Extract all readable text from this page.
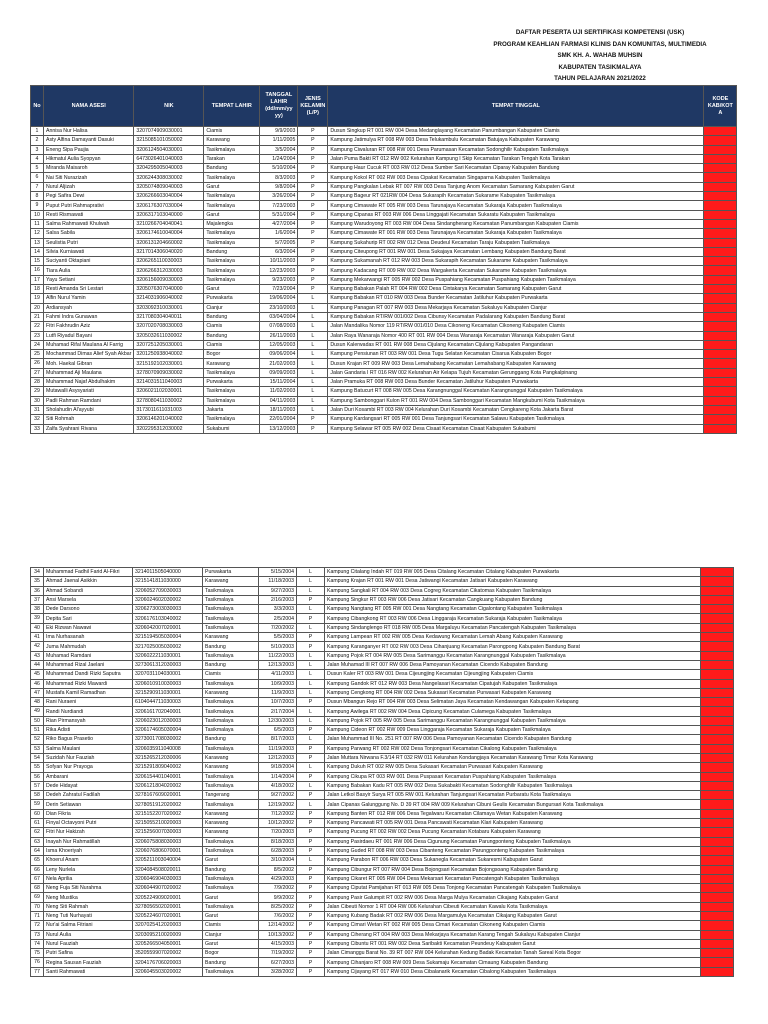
DAFTAR PESERTA UJI SERTIFIKASI KOMPETENSI (USK)
PROGRAM KEAHLIAN FARMASI KLINIS DAN KOMUNITAS, MULTIMEDIA
SMK KH. A. WAHAB MUHSIN
KABUPATEN TASIKMALAYA
TAHUN PELAJARAN 2021/2022
No	NAMA ASESI	NIK	TEMPAT LAHIR	TANGGAL LAHIR (dd/mm/yy yy)	JENIS KELAMIN (L/P)	TEMPAT TINGGAL	KODE KAB/KOT A
1	Annisa Nur Halisa	3207074909030001	Ciamis	9/9/2003	P	Dusun Singkup RT 001 RW 004 Desa Medanglayang Kecamatan Panumbangan Kabupaten Ciamis	
2	Asty Alfina Damayanti Dasuki	3215085101050002	Karawang	1/11/2005	P	Kampung Jatimulya RT 008 RW 003 Desa Telukambulu Kecamatan Batujaya Kabupaten Karawang	
3	Eneng Sipa Paujia	3206124504030001	Tasikmalaya	3/5/2004	P	Kampung Ciwaluran RT 008 RW 001 Desa Parumasan Kecamatan Sodonghilir Kabupaten Tasikmalaya	
4	Hikmatul Aulia Syopyan	6473026401040003	Tarakan	1/24/2004	P	Jalan Puma Bakti RT 012 RW 002 Kelurahan Kampung I Skip Kecamatan Tarakan Tengah Kota Tarakan	
5	Miranda Maisaroh	3204295005040003	Bandung	5/10/2004	P	Kampung Haur Cucuk RT 003 RW 012 Desa Sumber Sari Kecamatan Ciparay Kabupaten Bandung	
6	Nai Siti Nurazizah	3206244308030002	Tasikmalaya	8/3/2003	P	Kampung Kokol RT 002 RW 003 Desa Cipakat Kecamatan Singaparna Kabupaten Tasikmalaya	
7	Nurul Aljizah	3205074809040003	Garut	9/8/2004	P	Kampung Pangkalan Lebak RT 007 RW 003 Desa Tanjung Anom Kecamatan Samarang Kabupaten Garut	
8	Pegi Safira Dewi	3206266603040004	Tasikmalaya	3/26/2004	P	Kampung Bageur RT 021RW 004 Desa Sukarapih Kecamatan Sukarame Kabupaten Tasikmalaya	
9	Puput Putri Rahmaprativi	3206176307030004	Tasikmalaya	7/23/2003	P	Kampung Cimawate RT 005 RW 003 Desa Tarunajaya Kecamatan Sukaraja Kabupaten Tasikmalaya	
10	Resti Rismawati	3206317103040000	Garut	5/31/2004	P	Kampung Cipanas RT 003 RW 006 Desa Linggajati Kecamatan Sukaratu Kabupaten Tasikmalaya	
11	Salma Rahmawati Khulwah	3210266704040041	Majalengka	4/27/2004	P	Kampung Warudoyong RT 003 RW 004 Desa Sindangherang Kecamatan Panumbangan Kabupaten Ciamis	
12	Salsa Sabila	3206174610040004	Tasikmalaya	1/6/2004	P	Kampung Cimawate RT 001 RW 003 Desa Tarunajaya Kecamatan Sukaraja Kabupaten Tasikmalaya	
13	Seulistia Putri	3206131204660002	Tasikmalaya	5/7/2005	P	Kampung Sukahurip RT 002 RW 012 Desa Deudeul Kecamatan Taraju Kabupaten Tasikmalaya	
14	Silvia Kurniawati	3217014306040020	Bandung	6/3/2004	P	Kampung Citeupong RT 001 RW 001 Desa Sukajaya Kecamatan Lembang Kabupaten Bandung Barat	
15	Suciyanti Oktapiani	3206265110030003	Tasikmalaya	10/11/2003	P	Kampung Sukamanah RT 012 RW 003 Desa Sukarapih Kecamatan Sukarame Kabupaten Tasikmalaya	
16	Tiara Aulia	3206266312030003	Tasikmalaya	12/23/2003	P	Kampung Kadacang RT 009 RW 002 Desa Wargakerta Kecamatan Sukarame Kabupaten Tasikmalaya	
17	Yayu Setiani	3206156009030003	Tasikmalaya	9/23/2003	P	Kampung Mekarwangi RT 005 RW 002 Desa Puspahiang Kecamatan Puspahiang Kabupaten Tasikmalaya	
18	Resti Amanda Sri Lestari	3205076307040000	Garut	7/23/2004	P	Kampung Babakan Palah RT 004 RW 002 Desa Cintakarya Kecamatan Samarang Kabupaten Garut	
19	Alfin Nurul Yamin	3214031906040002	Purwakarta	19/06/2004	L	Kampung Babakan RT 010 RW 003 Desa Bunder Kecamatan Jatiluhur Kabupaten Purwakarta	
20	Ardiansyah	3203092310030001	Cianjur	23/10/2003	L	Kampung Panagan RT 007 RW 003 Desa Mekarjaya Kecamatan Sukaluyu Kabupaten Cianjur	
21	Fahmi Indra Gunawan	3217080304040011	Bandung	03/04/2004	L	Kampung Babakan RT/RW 001/002 Desa Cibunsy Kecamatan Padalarang Kabupaten Bandung Barat	
22	Fitri Fakhrudin Aziz	3207020708030003	Ciamis	07/08/2003	L	Jalan Mandalika Nomor 119 RT/RW 001/010 Desa Cikoneng Kecamatan Cikoneng Kabupaten Ciamis	
23	Lutfi Riyadul Bayani	3205032611030002	Bandung	26/11/2003	L	Jalan Raya Wanaraja Nomor 400 RT 001 RW 004 Desa Wanaraja Kecamatan Wanaraja Kabupaten Garut	
24	Muhamad Rifal Maulana Al Farrig	3207251205030001	Ciamis	12/05/2003	L	Dusun Kalerwadas RT 001 RW 008 Desa Cijulang Kecamatan Cijulang Kabupaten Pangandaran	
25	Mochammad Dimas Alief Syah Akbar	3201250938040002	Bogor	09/06/2004	L	Kampung Pensiunan RT 003 RW 001 Desa Tugu Selatan Kecamatan Cisarua Kabupaten Bogor	
26	Moh. Haekal Gibran	3215192102030001	Karawang	21/02/2003	L	Dusun Krajan RT 009 RW 003 Desa Lemahabang Kecamatan Lemahabang Kabupaten Karawang	
27	Muhammad Aji Maulana	3278070909030002	Tasikmalaya	09/09/2003	L	Jalan Gandaria I RT 016 RW 002 Kelurahan Air Kelapa Tujuh Kecamatan Gerunggang Kota Pangkalpinang	
28	Muhammad Najaf Abdulhakim	3214031511040003	Purwakarta	15/11/2004	L	Jalan Pramuka RT 008 RW 003 Desa Bunder Kecamatan Jatiluhur Kabupaten Purwakarta	
29	Mutawalli Asysyariati	3206021102030001	Tasikmalaya	11/02/2003	L	Kampung Batucurt RT 008 RW 005 Desa Karangnunggal Kecamatan Karangnunggal Kabupaten Tasikmalaya	
30	Padli Rahman Ramdani	3278080411030002	Tasikmalaya	04/11/2003	L	Kampung Sambonggari Kulon RT 001 RW 004 Desa Sambonggari Kecamatan Mangkubumi Kota Tasikmalaya	
31	Sholahudin Al'ayyubi	3173011611031003	Jakarta	18/11/2003	L	Jalan Duri Kosambi RT 003 RW 004 Kelurahan Duri Kosambi Kecamatan Cengkareng Kota Jakarta Barat	
32	Siti Rohmah	3206146201040002	Tasikmalaya	22/01/2004	P	Kampung Kardangsari RT 005 RW 001 Desa Tanjungsari Kecamatan Salawu Kabupaten Tasikmalaya	
33	Zalfa Syahrani Rivana	3202295312030002	Sukabumi	13/12/2003	P	Kampung Selawar RT 005 RW 002 Desa Cisaat Kecamatan Cisaat Kabupaten Sukabumi	
34	Muhammad Fadhil Farid Al-Fikri	3214011505040000	Purwakarta	5/15/2004	L	Kampung Citalang Indah RT 019 RW 005 Desa Citalang Kecamatan Citalang Kabupaten Purwakarta	
35	Ahmad Jaenal Asikkin	3215141811030000	Karawang	11/18/2003	L	Kampung Krajan RT 001 RW 001 Desa Jatiwangi Kecamatan Jatisari Kabupaten Karawang	
36	Ahmad Sobandi	3206052709030003	Tasikmalaya	9/27/2003	L	Kampung Sangkali RT 004 RW 003 Desa Cogreg Kecamatan Cikatomas Kabupaten Tasikmalaya	
37	Ansi Marsela	3206024602030002	Tasikmalaya	2/16/2003	P	Kampung Singkur RT 003 RW 006 Desa Jatisari Kecamatan Cangkuang Kabupaten Bandung	
38	Dede Darsono	3206273003030003	Tasikmalaya	3/3/2003	L	Kampung Nangtang RT 005 RW 001 Desa Nangtang Kecamatan Cigalontang Kabupaten Tasikmalaya	
39	Depita Sari	3206176103040002	Tasikmalaya	2/5/2004	P	Kampung Cibangkong RT 003 RW 006 Desa Linggaraja Kecamatan Sukaraja Kabupaten Tasikmalaya	
40	Eki Rizwan Nawawi	3206042007020001	Tasikmalaya	7/20/2002	L	Kampung Sindanglengo RT 018 RW 005 Desa Margaluyu Kecamatan Pancatengah Kabupaten Tasikmalaya	
41	Ima Nurhasanah	3215194505030004	Karawang	5/5/2003	P	Kampung Lampean RT 002 RW 005 Desa Kedawung Kecamatan Lemah Abang Kabupaten Karawang	
42	Juma Mahmudah	3217025005030002	Bandung	5/10/2003	P	Kampung Karanganyer RT 002 RW 003 Desa Cihanjuang Kecamatan Parongpong Kabupaten Bandung Barat	
43	Muhamad Ramdani	3206022211030001	Tasikmalaya	11/22/2003	L	Kampung Pojok RT 004 RW 005 Desa Sarimanggu Kecamatan Karangnunggal Kabupaten Tasikmalaya	
44	Muhammad Rizal Jaelani	3273061312030003	Bandung	12/13/2003	L	Jalan Muhamad III RT 007 RW 006 Desa Pamoyanan Kecamatan Cicendo Kabupaten Bandung	
45	Muhammad Dandi Rizki Saputra	3207031104030001	Ciamis	4/11/2003	L	Dusun Kaler RT 003 RW 001 Desa Cijeungjing Kecamatan Cijeungjing Kabupaten Ciamis	
46	Muhammad Rizki Mawardi	3206010910030003	Tasikmalaya	10/9/2003	L	Kampung Gandok RT 012 RW 003 Desa Nangelasari Kecamatan Cipatujah Kabupaten Tasikmalaya	
47	Mustafa Kamil Ramadhan	3215290911030001	Karawang	11/9/2003	L	Kampung Cengkong RT 004 RW 002 Desa Sukasari Kecamatan Purwasari Kabupaten Karawang	
48	Rani Nuraeni	6104044711030003	Tasikmalaya	10/7/2003	P	Dusun Mbangun Rejo RT 004 RW 003 Desa Selimatan Jaya Kecamatan Kendawangan Kabupaten Ketapang	
49	Randi Nurdiandi	3206161702040001	Tasikmalaya	2/17/2004	L	Kampung Awilega RT 002 RW 004 Desa Cipicung Kecamatan Culamega Kabupaten Tasikmalaya	
50	Rian Pirmansyah	3206023012030003	Tasikmalaya	12/30/2003	L	Kampung Pojok RT 005 RW 005 Desa Sarimanggu Kecamatan Karangnunggal Kabupaten Tasikmalaya	
51	Rika Adisti	3206174605030004	Tasikmalaya	6/5/2003	P	Kampung Cideon RT 002 RW 009 Desa Linggaraja Kecamatan Sukaraja Kabupaten Tasikmalaya	
52	Riko Bagus Prasetio	3273001708030002	Bandung	8/17/2003	L	Jalan Muhammad III No. 251 RT 007 RW 006 Desa Pamoyanan Kecamatan Cicendo Kabupaten Bandung	
53	Salma Maulani	3206035911040008	Tasikmalaya	11/19/2003	P	Kampung Parwang RT 002 RW 002 Desa Tonjongsari Kecamatan Cikalong Kabupaten Tasikmalaya	
54	Suzidah Nur Fauziah	3215265212030006	Karawang	12/12/2003	P	Jalan Muttara Nirwana F.3/14 RT 032 RW 011 Kelurahan Kondangjaya Kecamatan Karawang Timur Kota Karawang	
55	Sofyan Nur Prayoga	3215291809040002	Karawang	9/18/2004	L	Kampung Dukuh RT 002 RW 005 Desa Sukasari Kecamatan Purwasari Kabupaten Karawang	
56	Ambarani	3206154401040001	Tasikmalaya	1/14/2004	P	Kampung Cikupa RT 003 RW 001 Desa Puspasari Kecamatan Puspahiang Kabupaten Tasikmalaya	
57	Dede Hidayat	3206121804020002	Tasikmalaya	4/18/2002	L	Kampung Babakan Kadu RT 005 RW 002 Desa Sukabakti Kecamatan Sodonghilir Kabupaten Tasikmalaya	
58	Dedeh Zahratul Fadilah	3278167609020001	Tangerang	9/27/2002	P	Jalan Letkol Basyir Surya RT 005 RW 001 Kelurahan Tanjungsari Kecamatan Purbaratu Kota Tasikmalaya	
59	Derin Setiawan	3278051912020002	Tasikmalaya	12/19/2002	L	Jalan Cipanas Galunggung No. D 39 RT 004 RW 009 Kelurahan Cibuni Geulis Kecamatan Bungursari Kota Tasikmalaya	
60	Dian Fikria	3215152207020002	Karawang	7/12/2002	P	Kampung Banten RT 012 RW 006 Desa Tegalwaru Kecamatan Cilamaya Wetan Kabupaten Karawang	
61	Finyal Octavyoni Putri	3215055210020003	Karawang	10/12/2002	P	Kampung Pancawati RT 005 RW 001 Desa Pancawati Kecamatan Klari Kabupaten Karawang	
62	Fitri Nur Hakizah	3215256007030003	Karawang	7/20/2003	P	Kampung Pucung RT 002 RW 002 Desa Pucung Kecamatan Kotabaru Kabupaten Karawang	
63	Inayah Nur Rahmatillah	3206075808030003	Tasikmalaya	8/18/2003	P	Kampung Pasirdaeu RT 001 RW 006 Desa Cigunung Kecamatan Parungponteng Kabupaten Tasikmalaya	
64	Isma Khoeriyah	3206076806070001	Tasikmalaya	6/28/2003	P	Kampung Guded RT 008 RW 003 Desa Cibanteng Kecamatan Parungponteng Kabupaten Tasikmalaya	
65	Khoerul Anam	3205211003040004	Garut	3/10/2004	L	Kampung Parabon RT 006 RW 003 Desa Sukanegla Kecamatan Sukaresmi Kabupaten Garut	
66	Leny Nurlela	3204084508020011	Bandung	8/5/2002	P	Kampung Cibungur RT 007 RW 004 Desa Bojongsari Kecamatan Bojongsoang Kabupaten Bandung	
67	Nela Aprilia	3206046904030003	Tasikmalaya	4/29/2003	P	Kampung Cikaret RT 005 RW 004 Desa Mekarsari Kecamatan Pancatengah Kabupaten Tasikmalaya	
68	Neng Fuja Siti Nurahma	3206044907020002	Tasikmalaya	7/9/2002	P	Kampung Ciputat Pamijahan RT 013 RW 005 Desa Tonjong Kecamatan Pancatengah Kabupaten Tasikmalaya	
69	Neng Mustika	3205224909020001	Garut	9/9/2002	P	Kampung Pasir Galumpit RT 002 RW 006 Desa Marga Mulya Kecamatan Cikajang Kabupaten Garut	
70	Neng Siti Rahmah	3278056502020001	Tasikmalaya	8/25/2002	P	Jalan Cibeuti Nomor 1 RT 004 RW 006 Kelurahan Cibeuti Kecamatan Kawalu Kota Tasikmalaya	
71	Neng Tuti Nurhayati	3205224607020001	Garut	7/6/2002	P	Kampung Kubang Badak RT 002 RW 006 Desa Margamulya Kecamatan Cikajang Kabupaten Garut	
72	Nur'ai Salma Fitriani	3207025412020003	Ciamis	12/14/2002	P	Kampung Cimari Wetan RT 002 RW 005 Desa Cimari Kecamatan Cikoneng Kabupaten Ciamis	
73	Nurul Aulia	3203095210020009	Cianjur	10/13/2002	P	Kampung Ciherang RT 004 RW 003 Desa Mekarjaya Kecamatan Karang Tengah Sukaluyu Kabupaten Cianjur	
74	Nurul Fauziah	3205266504050001	Garut	4/15/2003	P	Kampung Cibuntu RT 001 RW 002 Desa Saribakti Kecamatan Peundeuy Kabupaten Garut	
75	Putri Safina	3520559907020002	Bogor	7/19/2002	P	Jalan Cimanggu Barat No. 39 RT 007 RW 004 Kelurahan Kedung Badak Kecamatan Tanah Sareal Kota Bogor	
76	Regina Sausan Fauziah	3204176706020003	Bandung	6/27/2003	P	Kampung Cihanjaro RT 008 RW 009 Desa Sukamaju Kecamatan Cimaung Kabupaten Bandung	
77	Santi Rahmawati	3206045503020002	Tasikmalaya	3/28/2002	P	Kampung Cijayang RT 017 RW 010 Desa Cibalanarik Kecamatan Cibalong Kabupaten Tasikmalaya	
